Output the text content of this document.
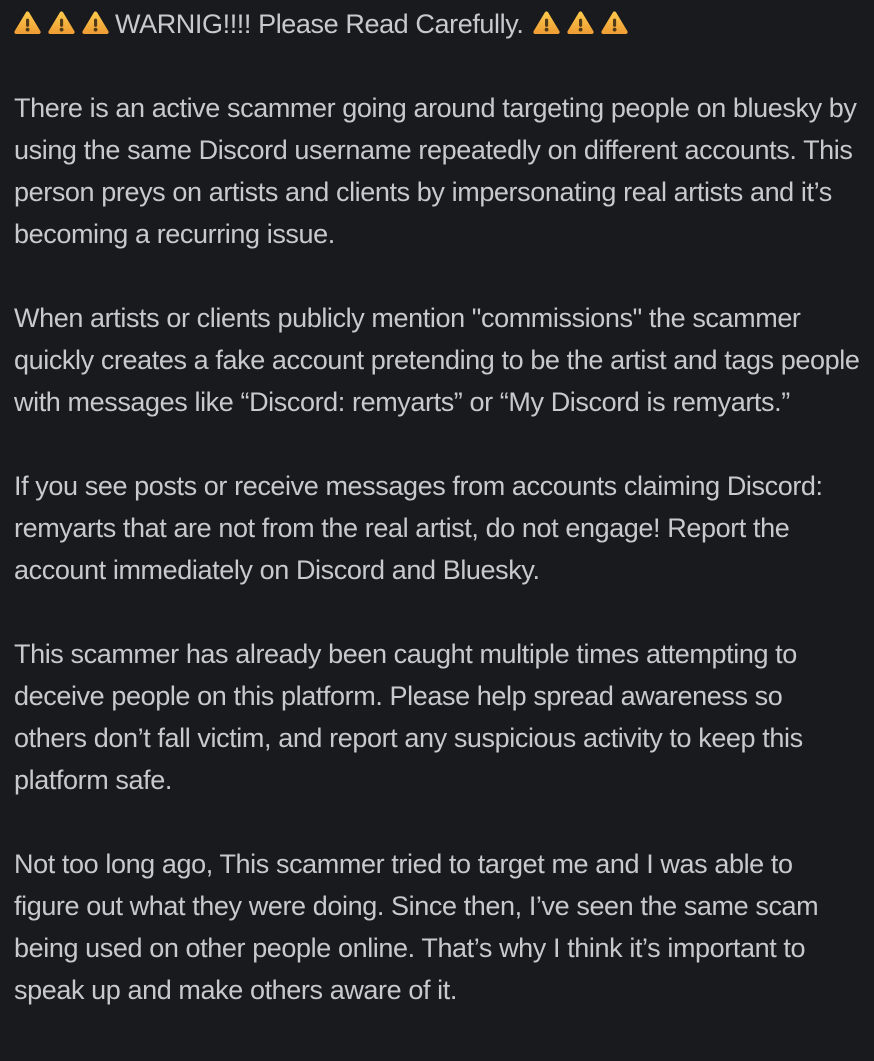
WARNIG!!!! Please Read Carefully.

There is an active scammer going around targeting people on bluesky by using the same Discord username repeatedly on different accounts. This person preys on artists and clients by impersonating real artists and it’s becoming a recurring issue.

When artists or clients publicly mention "commissions" the scammer quickly creates a fake account pretending to be the artist and tags people with messages like “Discord: remyarts” or “My Discord is remyarts.”

If you see posts or receive messages from accounts claiming Discord: remyarts that are not from the real artist, do not engage! Report the account immediately on Discord and Bluesky.

This scammer has already been caught multiple times attempting to deceive people on this platform. Please help spread awareness so others don’t fall victim, and report any suspicious activity to keep this platform safe.

Not too long ago, This scammer tried to target me and I was able to figure out what they were doing. Since then, I’ve seen the same scam being used on other people online. That’s why I think it’s important to speak up and make others aware of it.
